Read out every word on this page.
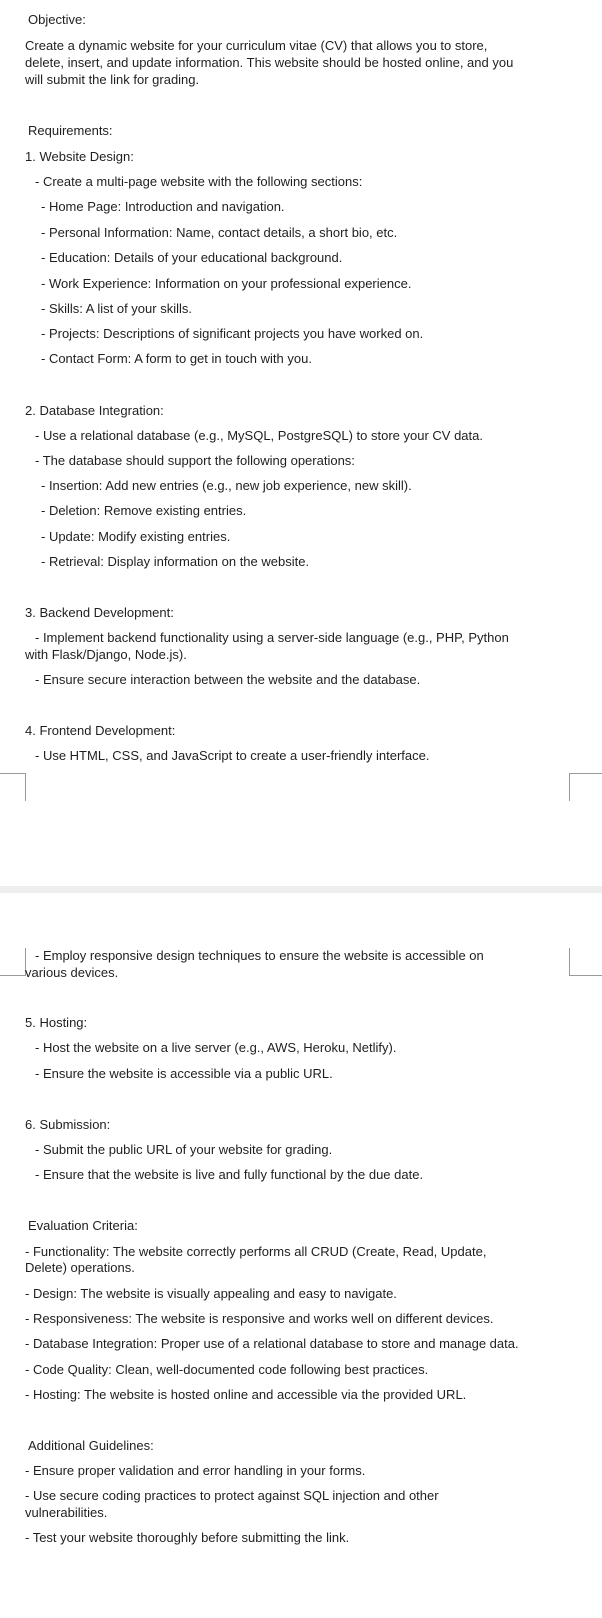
Objective:

Create a dynamic website for your curriculum vitae (CV) that allows you to store,

delete, insert, and update information. This website should be hosted online, and you

will submit the link for grading.

Requirements:

1. Website Design:

- Create a multi-page website with the following sections:

- Home Page: Introduction and navigation.

- Personal Information: Name, contact details, a short bio, etc.

- Education: Details of your educational background.

- Work Experience: Information on your professional experience.

- Skills: A list of your skills.

- Projects: Descriptions of significant projects you have worked on.

- Contact Form: A form to get in touch with you.

2. Database Integration:

- Use a relational database (e.g., MySQL, PostgreSQL) to store your CV data.

- The database should support the following operations:

- Insertion: Add new entries (e.g., new job experience, new skill).

- Deletion: Remove existing entries.

- Update: Modify existing entries.

- Retrieval: Display information on the website.

3. Backend Development:

- Implement backend functionality using a server-side language (e.g., PHP, Python

with Flask/Django, Node.js).

- Ensure secure interaction between the website and the database.

4. Frontend Development:

- Use HTML, CSS, and JavaScript to create a user-friendly interface.

- Employ responsive design techniques to ensure the website is accessible on

various devices.

5. Hosting:

- Host the website on a live server (e.g., AWS, Heroku, Netlify).

- Ensure the website is accessible via a public URL.

6. Submission:

- Submit the public URL of your website for grading.

- Ensure that the website is live and fully functional by the due date.

Evaluation Criteria:

- Functionality: The website correctly performs all CRUD (Create, Read, Update,

Delete) operations.

- Design: The website is visually appealing and easy to navigate.

- Responsiveness: The website is responsive and works well on different devices.

- Database Integration: Proper use of a relational database to store and manage data.

- Code Quality: Clean, well-documented code following best practices.

- Hosting: The website is hosted online and accessible via the provided URL.

Additional Guidelines:

- Ensure proper validation and error handling in your forms.

- Use secure coding practices to protect against SQL injection and other

vulnerabilities.

- Test your website thoroughly before submitting the link.
